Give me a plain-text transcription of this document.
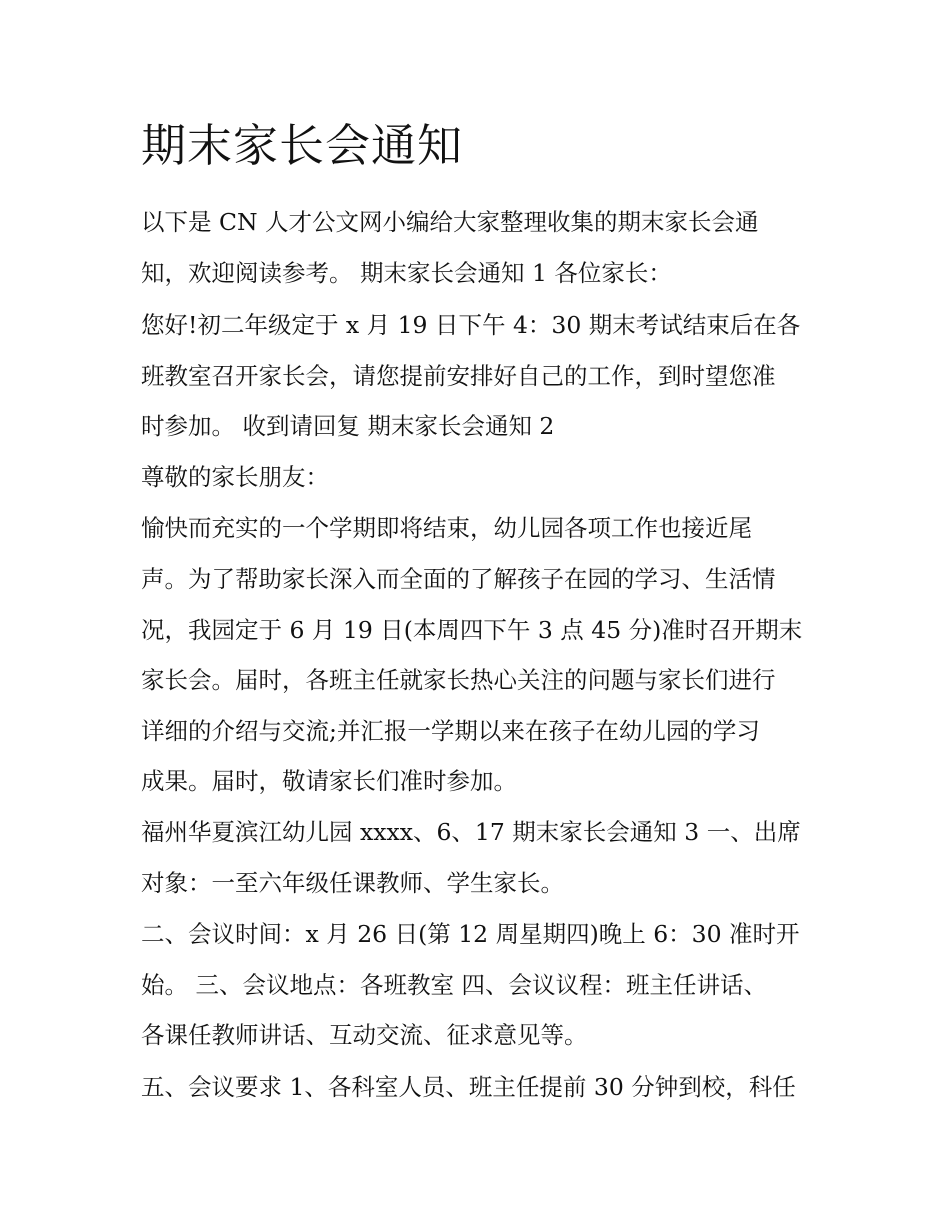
期末家长会通知
以下是 CN 人才公文网小编给大家整理收集的期末家长会通
知，欢迎阅读参考。 期末家长会通知 1 各位家长：
您好!初二年级定于 x 月 19 日下午 4：30 期末考试结束后在各
班教室召开家长会，请您提前安排好自己的工作，到时望您准
时参加。 收到请回复 期末家长会通知 2
尊敬的家长朋友：
愉快而充实的一个学期即将结束，幼儿园各项工作也接近尾
声。为了帮助家长深入而全面的了解孩子在园的学习、生活情
况，我园定于 6 月 19 日(本周四下午 3 点 45 分)准时召开期末
家长会。届时，各班主任就家长热心关注的问题与家长们进行
详细的介绍与交流;并汇报一学期以来在孩子在幼儿园的学习
成果。届时，敬请家长们准时参加。
福州华夏滨江幼儿园 xxxx、6、17 期末家长会通知 3 一、出席
对象：一至六年级任课教师、学生家长。
二、会议时间：x 月 26 日(第 12 周星期四)晚上 6：30 准时开
始。 三、会议地点：各班教室 四、会议议程：班主任讲话、
各课任教师讲话、互动交流、征求意见等。
五、会议要求 1、各科室人员、班主任提前 30 分钟到校，科任
